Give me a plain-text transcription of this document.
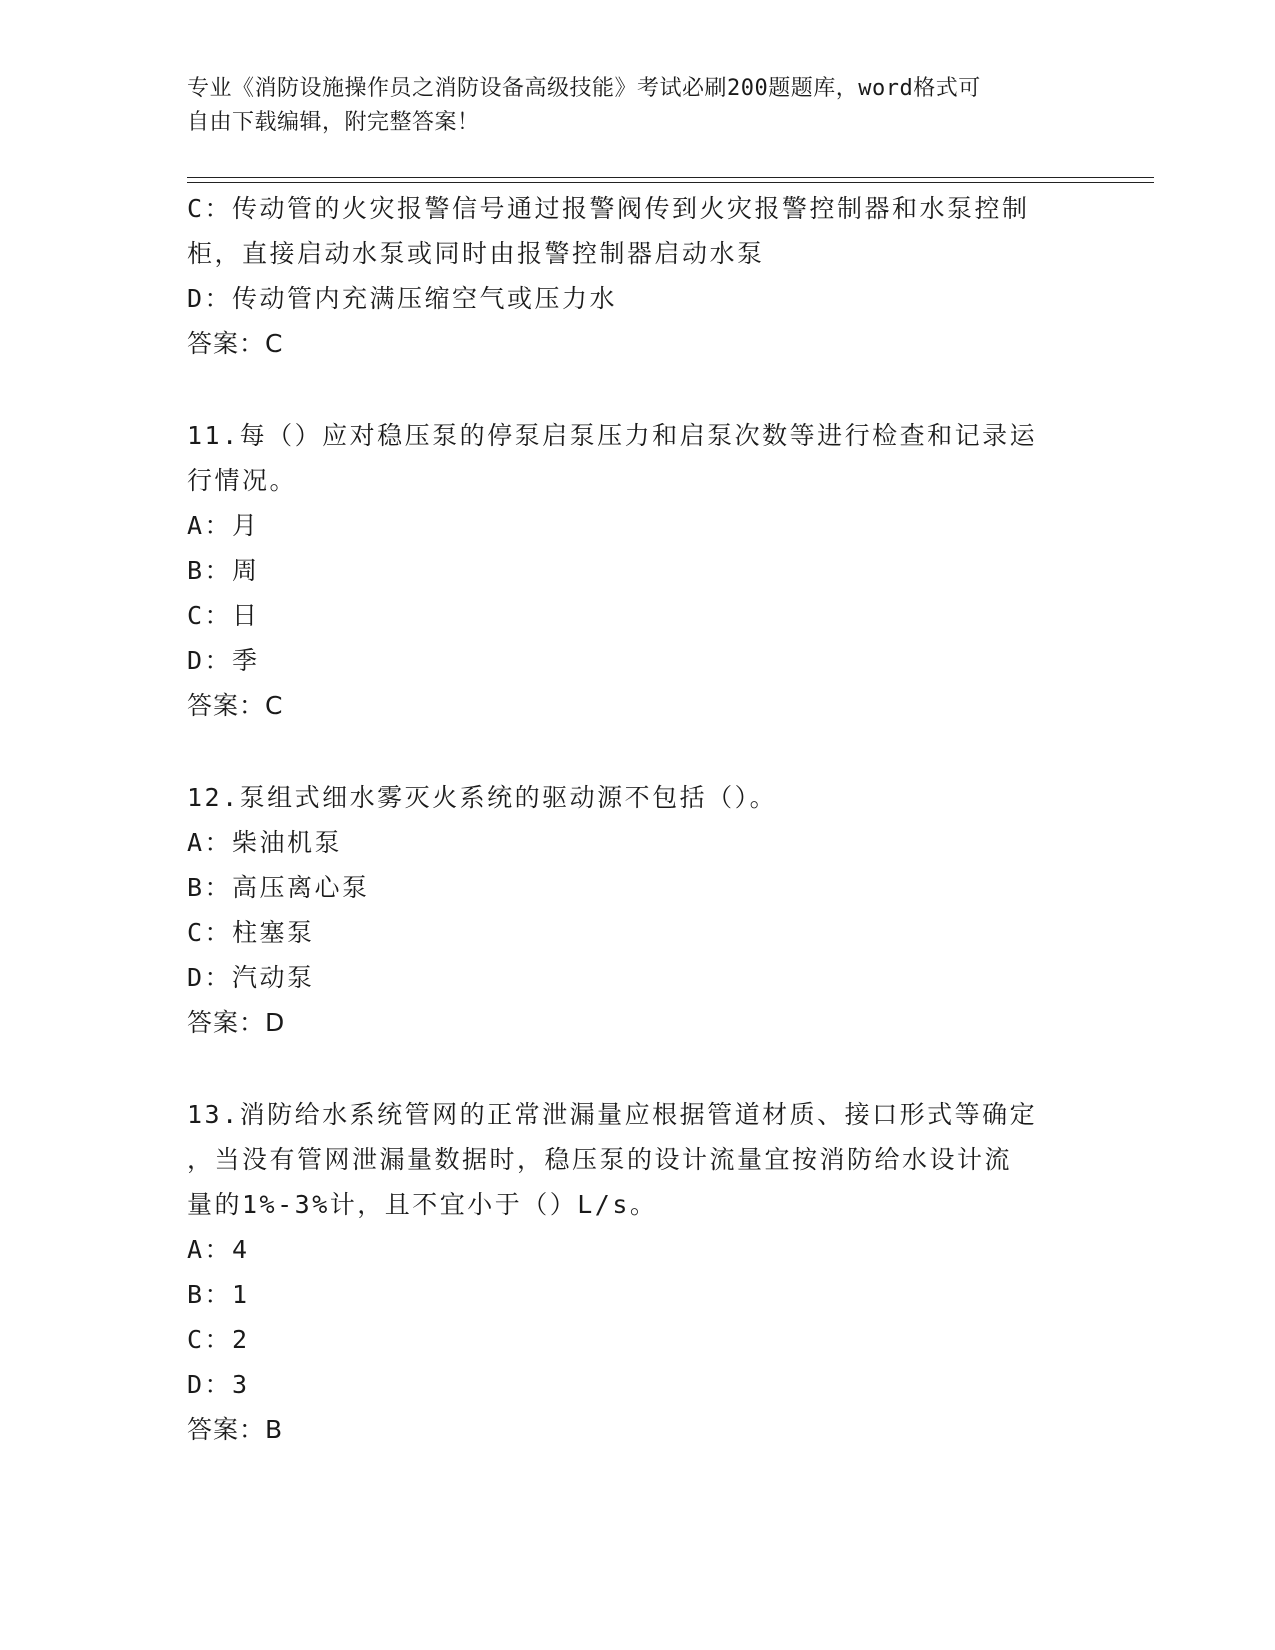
专业《消防设施操作员之消防设备高级技能》考试必刷200题题库，word格式可
自由下载编辑，附完整答案！
C：传动管的火灾报警信号通过报警阀传到火灾报警控制器和水泵控制
柜，直接启动水泵或同时由报警控制器启动水泵
D：传动管内充满压缩空气或压力水
答案：C
11.每（）应对稳压泵的停泵启泵压力和启泵次数等进行检查和记录运
行情况。
A：月
B：周
C：日
D：季
答案：C
12.泵组式细水雾灭火系统的驱动源不包括（）。
A：柴油机泵
B：高压离心泵
C：柱塞泵
D：汽动泵
答案：D
13.消防给水系统管网的正常泄漏量应根据管道材质、接口形式等确定
，当没有管网泄漏量数据时，稳压泵的设计流量宜按消防给水设计流
量的1%-3%计，且不宜小于（）L/s。
A：4
B：1
C：2
D：3
答案：B
